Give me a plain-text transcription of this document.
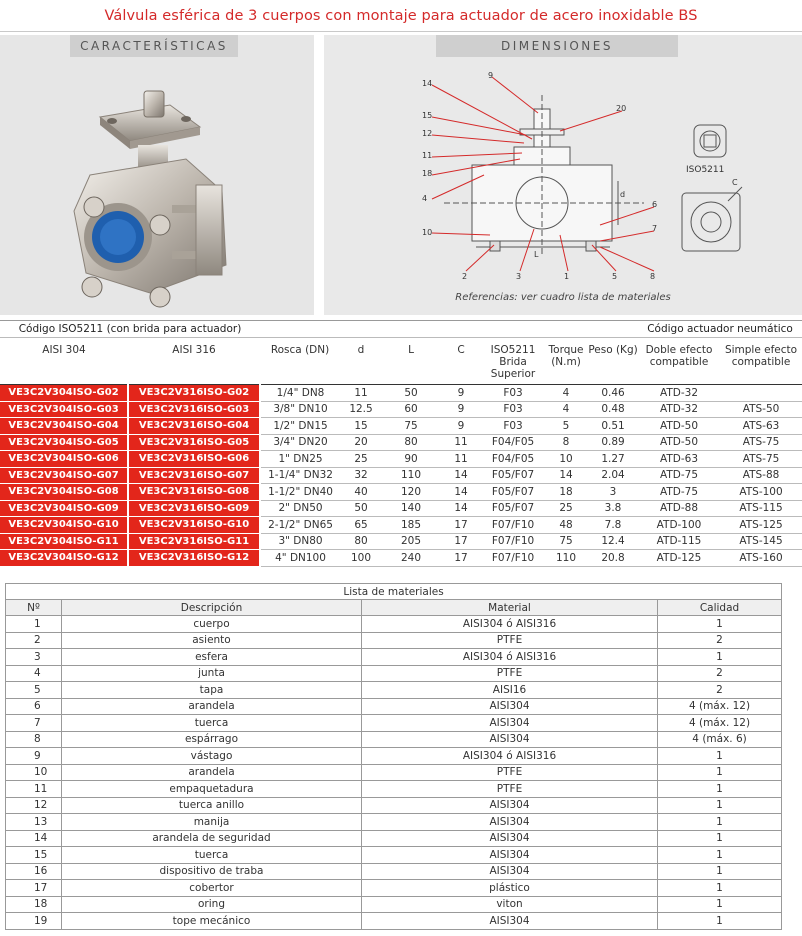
Válvula esférica de 3 cuerpos con montaje para actuador de acero inoxidable BS
CARACTERÍSTICAS	DIMENSIONES
14
9
20
15
12
11
18
4
10
d
L
C
6
7
2	3	1	5	8
ISO5211
Referencias: ver cuadro lista de materiales
Código ISO5211 (con brida para actuador)									Código actuador neumático	
AISI 304	AISI 316	Rosca (DN)	d	L	C	ISO5211 Brida Superior	Torque (N.m)	Peso (Kg)	Doble efecto compatible	Simple efecto compatible
VE3C2V304ISO-G02	VE3C2V316ISO-G02	1/4" DN8	11	50	9	F03	4	0.46	ATD-32	
VE3C2V304ISO-G03	VE3C2V316ISO-G03	3/8" DN10	12.5	60	9	F03	4	0.48	ATD-32	ATS-50
VE3C2V304ISO-G04	VE3C2V316ISO-G04	1/2" DN15	15	75	9	F03	5	0.51	ATD-50	ATS-63
VE3C2V304ISO-G05	VE3C2V316ISO-G05	3/4" DN20	20	80	11	F04/F05	8	0.89	ATD-50	ATS-75
VE3C2V304ISO-G06	VE3C2V316ISO-G06	1" DN25	25	90	11	F04/F05	10	1.27	ATD-63	ATS-75
VE3C2V304ISO-G07	VE3C2V316ISO-G07	1-1/4" DN32	32	110	14	F05/F07	14	2.04	ATD-75	ATS-88
VE3C2V304ISO-G08	VE3C2V316ISO-G08	1-1/2" DN40	40	120	14	F05/F07	18	3	ATD-75	ATS-100
VE3C2V304ISO-G09	VE3C2V316ISO-G09	2" DN50	50	140	14	F05/F07	25	3.8	ATD-88	ATS-115
VE3C2V304ISO-G10	VE3C2V316ISO-G10	2-1/2" DN65	65	185	17	F07/F10	48	7.8	ATD-100	ATS-125
VE3C2V304ISO-G11	VE3C2V316ISO-G11	3" DN80	80	205	17	F07/F10	75	12.4	ATD-115	ATS-145
VE3C2V304ISO-G12	VE3C2V316ISO-G12	4" DN100	100	240	17	F07/F10	110	20.8	ATD-125	ATS-160
Lista de materiales			
Nº	Descripción	Material	Calidad
1	cuerpo	AISI304 ó AISI316	1
2	asiento	PTFE	2
3	esfera	AISI304 ó AISI316	1
4	junta	PTFE	2
5	tapa	AISI16	2
6	arandela	AISI304	4 (máx. 12)
7	tuerca	AISI304	4 (máx. 12)
8	espárrago	AISI304	4 (máx. 6)
9	vástago	AISI304 ó AISI316	1
10	arandela	PTFE	1
11	empaquetadura	PTFE	1
12	tuerca anillo	AISI304	1
13	manija	AISI304	1
14	arandela de seguridad	AISI304	1
15	tuerca	AISI304	1
16	dispositivo de traba	AISI304	1
17	cobertor	plástico	1
18	oring	viton	1
19	tope mecánico	AISI304	1
